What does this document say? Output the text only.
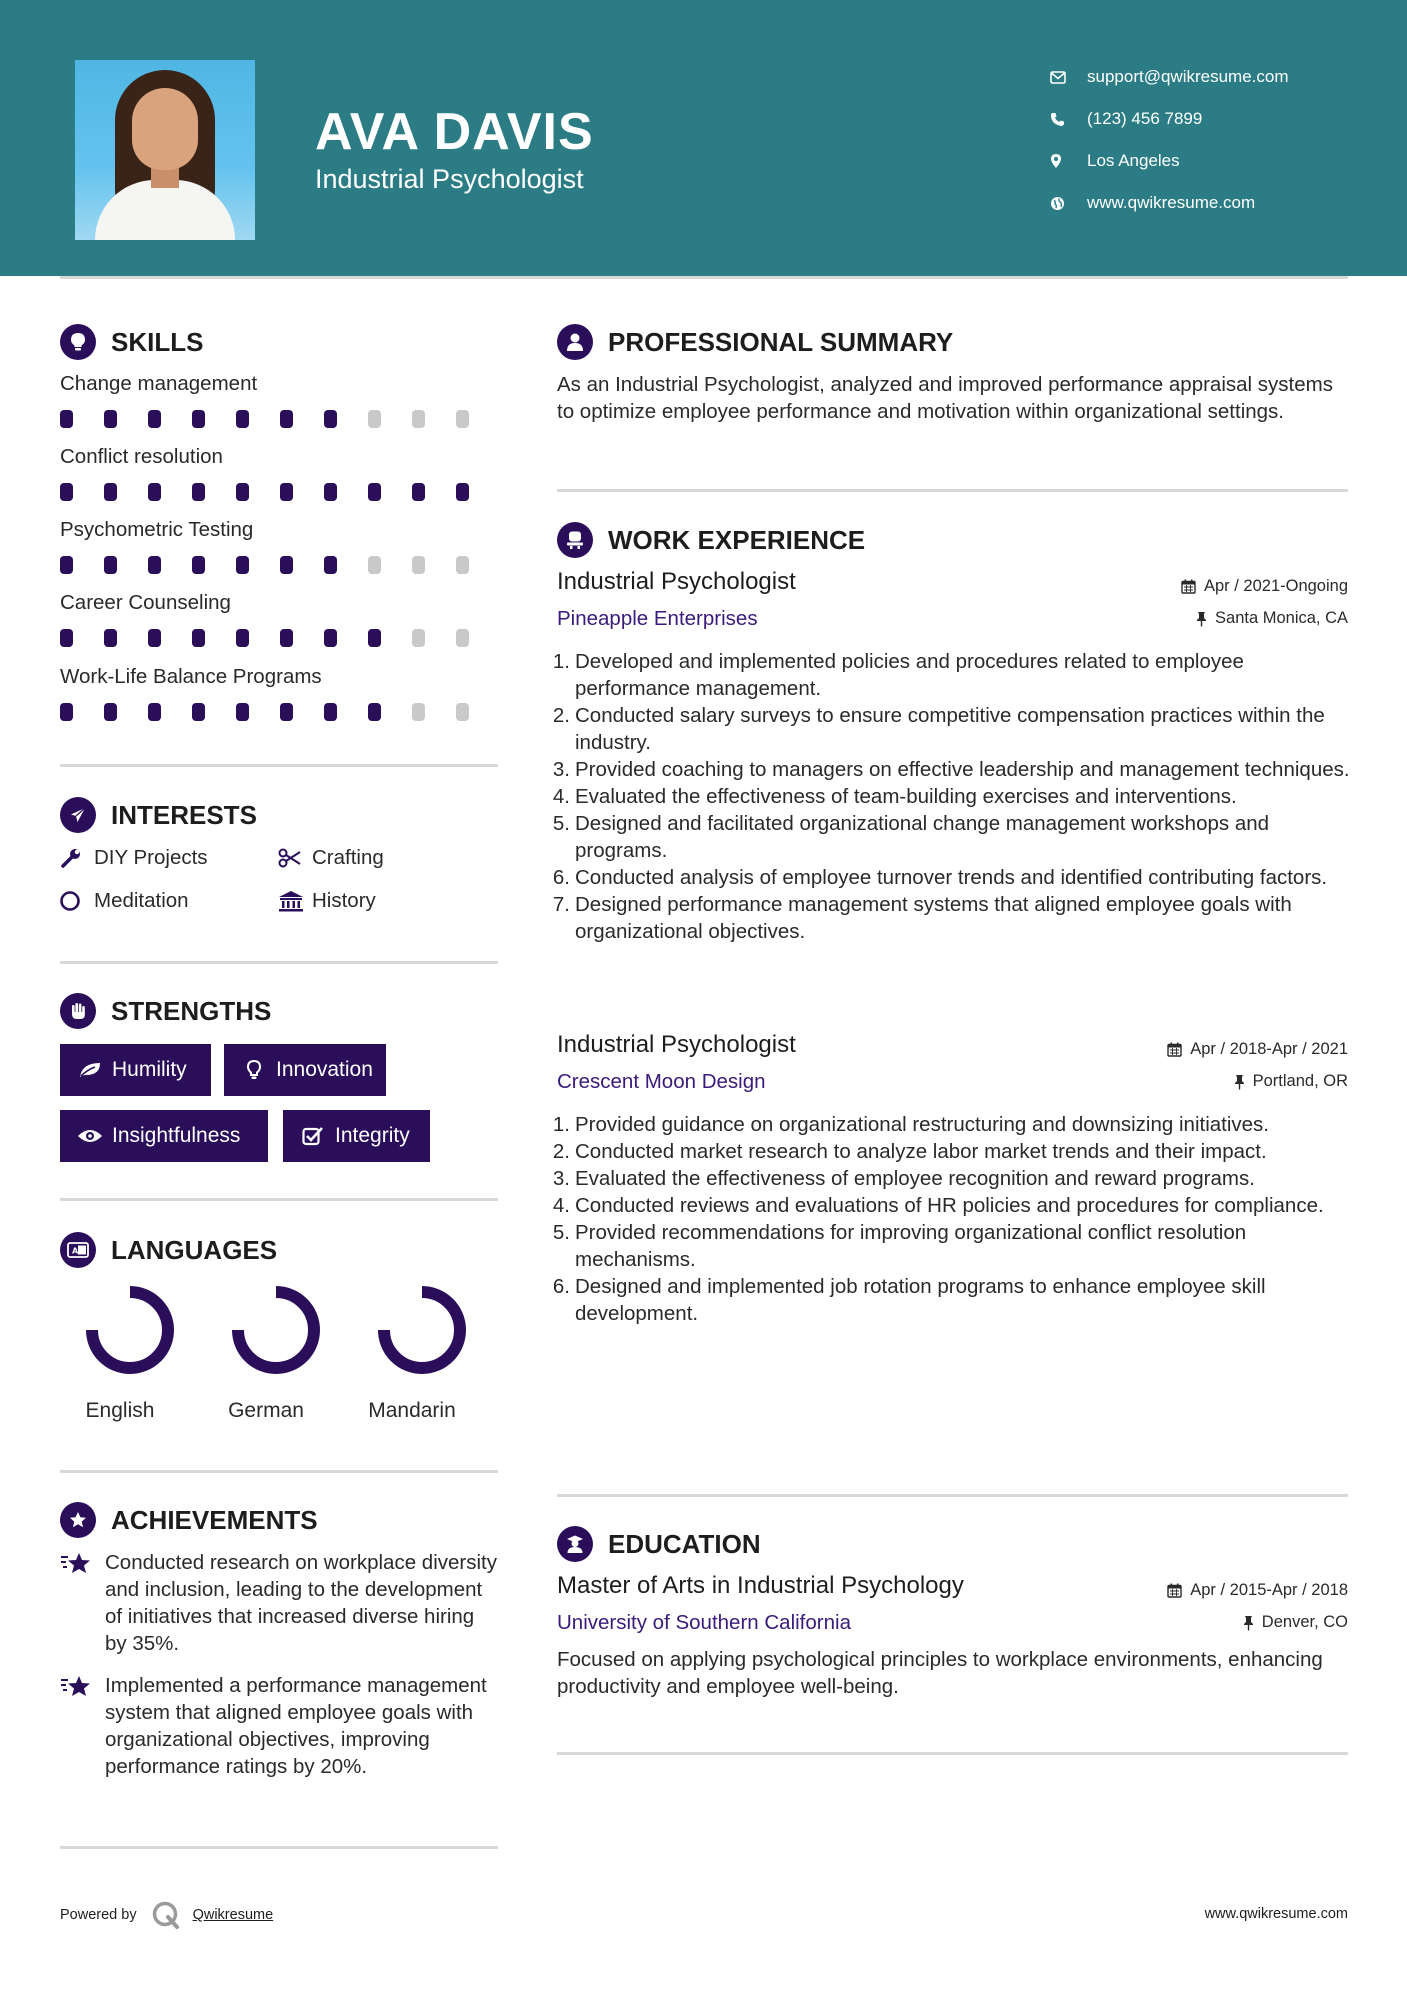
AVA DAVIS
Industrial Psychologist
support@qwikresume.com
(123) 456 7899
Los Angeles
www.qwikresume.com
SKILLS
Change management
Conflict resolution
Psychometric Testing
Career Counseling
Work-Life Balance Programs
INTERESTS
DIY Projects	Crafting
Meditation	History
STRENGTHS
Humility	Innovation
Insightfulness	Integrity
A LANGUAGES
English	German	Mandarin
ACHIEVEMENTS
Conducted research on workplace diversity and inclusion, leading to the development of initiatives that increased diverse hiring by 35%.
Implemented a performance management system that aligned employee goals with organizational objectives, improving performance ratings by 20%.
PROFESSIONAL SUMMARY
As an Industrial Psychologist, analyzed and improved performance appraisal systems to optimize employee performance and motivation within organizational settings.
WORK EXPERIENCE
Industrial Psychologist	Apr / 2021-Ongoing
Pineapple Enterprises	Santa Monica, CA
1. Developed and implemented policies and procedures related to employee performance management.
2. Conducted salary surveys to ensure competitive compensation practices within the industry.
3. Provided coaching to managers on effective leadership and management techniques.
4. Evaluated the effectiveness of team-building exercises and interventions.
5. Designed and facilitated organizational change management workshops and programs.
6. Conducted analysis of employee turnover trends and identified contributing factors.
7. Designed performance management systems that aligned employee goals with organizational objectives.
Industrial Psychologist	Apr / 2018-Apr / 2021
Crescent Moon Design	Portland, OR
1. Provided guidance on organizational restructuring and downsizing initiatives.
2. Conducted market research to analyze labor market trends and their impact.
3. Evaluated the effectiveness of employee recognition and reward programs.
4. Conducted reviews and evaluations of HR policies and procedures for compliance.
5. Provided recommendations for improving organizational conflict resolution mechanisms.
6. Designed and implemented job rotation programs to enhance employee skill development.
EDUCATION
Master of Arts in Industrial Psychology	Apr / 2015-Apr / 2018
University of Southern California	Denver, CO
Focused on applying psychological principles to workplace environments, enhancing productivity and employee well-being.
Powered by	Qwikresume	www.qwikresume.com
